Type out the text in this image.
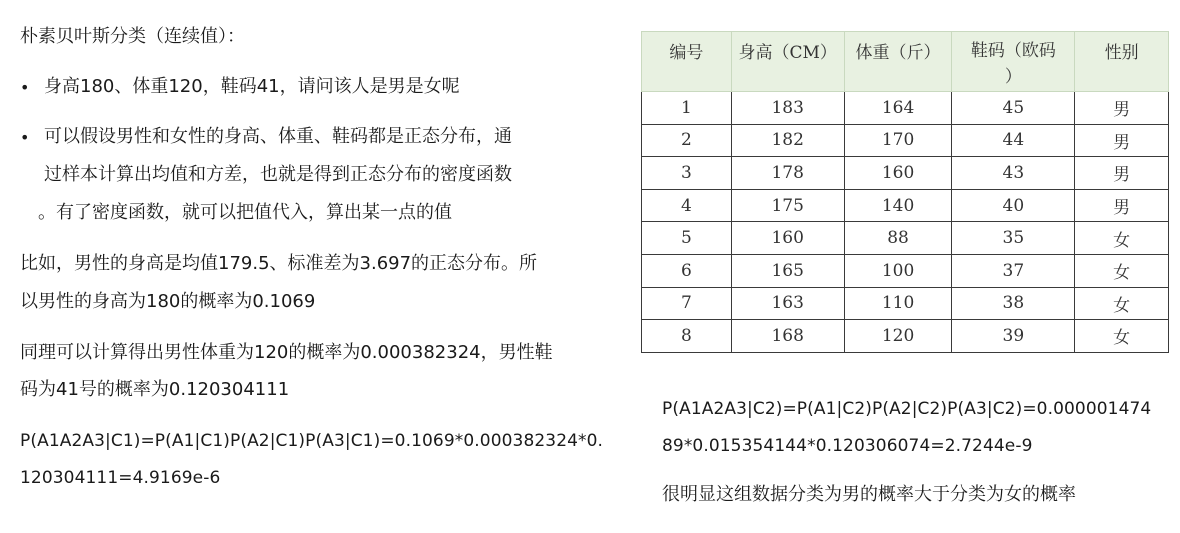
朴素贝叶斯分类（连续值）：
• 身高180、体重120，鞋码41，请问该人是男是女呢
• 可以假设男性和女性的身高、体重、鞋码都是正态分布，通
过样本计算出均值和方差，也就是得到正态分布的密度函数
。有了密度函数，就可以把值代入，算出某一点的值
比如，男性的身高是均值179.5、标准差为3.697的正态分布。所
以男性的身高为180的概率为0.1069
同理可以计算得出男性体重为120的概率为0.000382324，男性鞋
码为41号的概率为0.120304111
P(A1A2A3|C1)=P(A1|C1)P(A2|C1)P(A3|C1)=0.1069*0.000382324*0.
120304111=4.9169e-6
编号	身高（CM）	体重（斤）	鞋码（欧码
）	性别
1	183	164	45	男
2	182	170	44	男
3	178	160	43	男
4	175	140	40	男
5	160	88	35	女
6	165	100	37	女
7	163	110	38	女
8	168	120	39	女
P(A1A2A3|C2)=P(A1|C2)P(A2|C2)P(A3|C2)=0.000001474
89*0.015354144*0.120306074=2.7244e-9
很明显这组数据分类为男的概率大于分类为女的概率
